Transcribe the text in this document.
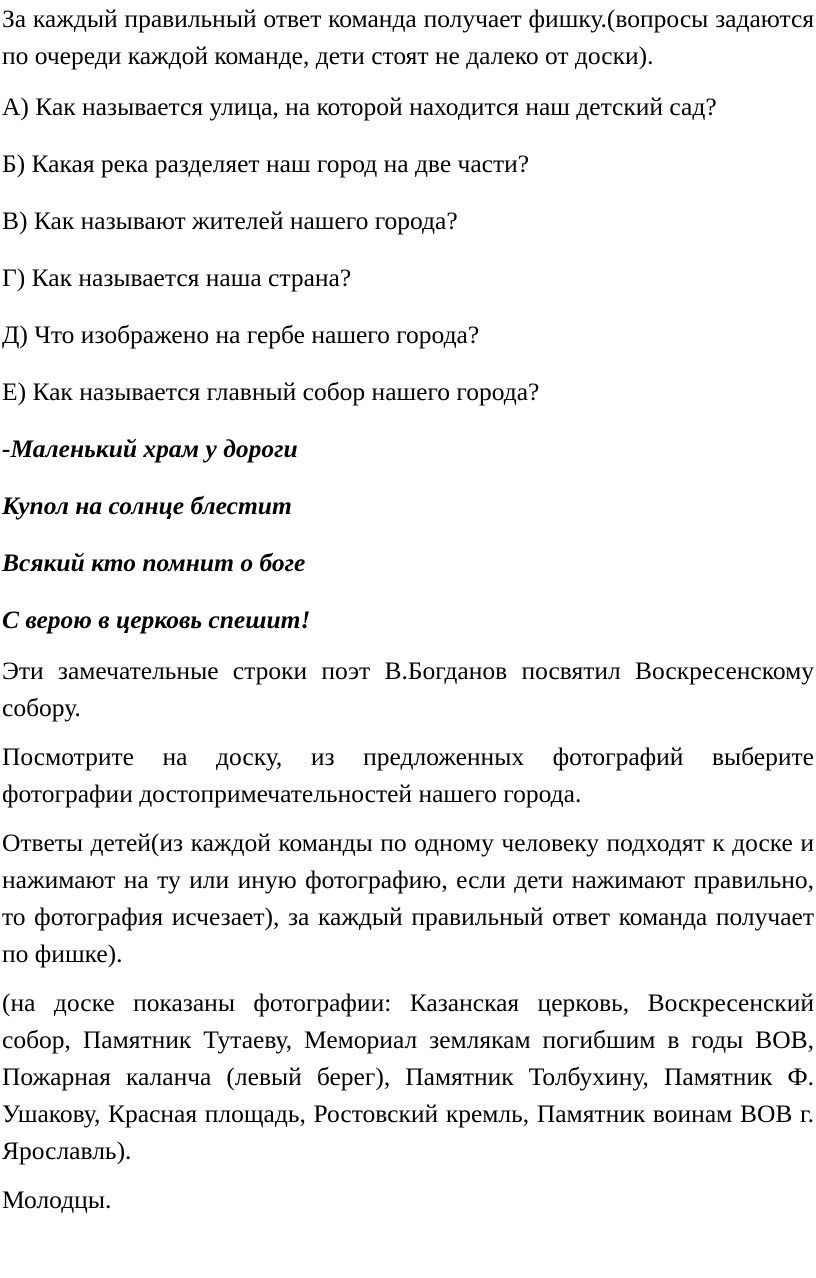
За каждый правильный ответ команда получает фишку.(вопросы задаются по очереди каждой команде, дети стоят не далеко от доски).

А) Как называется улица, на которой находится наш детский сад?

Б) Какая река разделяет наш город на две части?

В) Как называют жителей нашего города?

Г) Как называется наша страна?

Д) Что изображено на гербе нашего города?

Е) Как называется главный собор нашего города?

-Маленький храм у дороги

Купол на солнце блестит

Всякий кто помнит о боге

С верою в церковь спешит!

Эти замечательные строки поэт В.Богданов посвятил Воскресенскому собору.

Посмотрите на доску, из предложенных фотографий выберите фотографии достопримечательностей нашего города.

Ответы детей(из каждой команды по одному человеку подходят к доске и нажимают на ту или иную фотографию, если дети нажимают правильно, то фотография исчезает), за каждый правильный ответ команда получает по фишке).

(на доске показаны фотографии: Казанская церковь, Воскресенский собор, Памятник Тутаеву, Мемориал землякам погибшим в годы ВОВ, Пожарная каланча (левый берег), Памятник Толбухину, Памятник Ф. Ушакову, Красная площадь, Ростовский кремль, Памятник воинам ВОВ г. Ярославль).

Молодцы.
